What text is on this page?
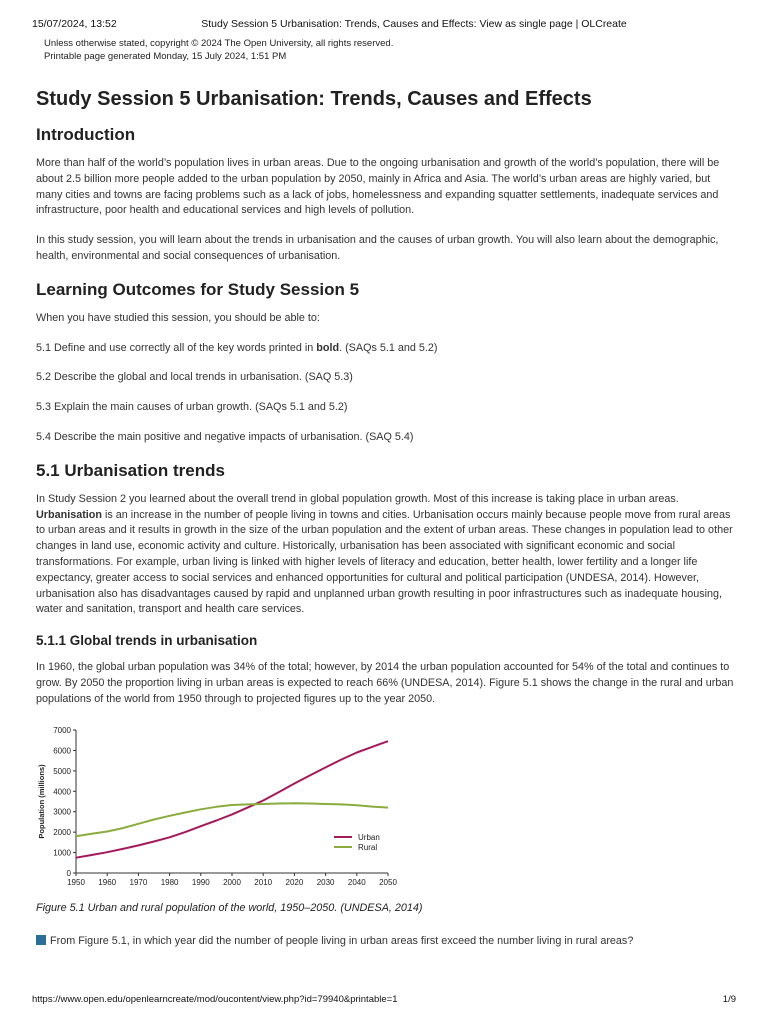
15/07/2024, 13:52	Study Session 5 Urbanisation: Trends, Causes and Effects: View as single page | OLCreate
Unless otherwise stated, copyright © 2024 The Open University, all rights reserved.
Printable page generated Monday, 15 July 2024, 1:51 PM
Study Session 5 Urbanisation: Trends, Causes and Effects
Introduction

More than half of the world’s population lives in urban areas. Due to the ongoing urbanisation and growth of the world’s population, there will be about 2.5 billion more people added to the urban population by 2050, mainly in Africa and Asia. The world’s urban areas are highly varied, but many cities and towns are facing problems such as a lack of jobs, homelessness and expanding squatter settlements, inadequate services and infrastructure, poor health and educational services and high levels of pollution.

In this study session, you will learn about the trends in urbanisation and the causes of urban growth. You will also learn about the demographic, health, environmental and social consequences of urbanisation.

Learning Outcomes for Study Session 5

When you have studied this session, you should be able to:

5.1 Define and use correctly all of the key words printed in bold. (SAQs 5.1 and 5.2)

5.2 Describe the global and local trends in urbanisation. (SAQ 5.3)

5.3 Explain the main causes of urban growth. (SAQs 5.1 and 5.2)

5.4 Describe the main positive and negative impacts of urbanisation. (SAQ 5.4)

5.1 Urbanisation trends

In Study Session 2 you learned about the overall trend in global population growth. Most of this increase is taking place in urban areas. Urbanisation is an increase in the number of people living in towns and cities. Urbanisation occurs mainly because people move from rural areas to urban areas and it results in growth in the size of the urban population and the extent of urban areas. These changes in population lead to other changes in land use, economic activity and culture. Historically, urbanisation has been associated with significant economic and social transformations. For example, urban living is linked with higher levels of literacy and education, better health, lower fertility and a longer life expectancy, greater access to social services and enhanced opportunities for cultural and political participation (UNDESA, 2014). However, urbanisation also has disadvantages caused by rapid and unplanned urban growth resulting in poor infrastructures such as inadequate housing, water and sanitation, transport and health care services.

5.1.1 Global trends in urbanisation

In 1960, the global urban population was 34% of the total; however, by 2014 the urban population accounted for 54% of the total and continues to grow. By 2050 the proportion living in urban areas is expected to reach 66% (UNDESA, 2014). Figure 5.1 shows the change in the rural and urban populations of the world from 1950 through to projected figures up to the year 2050.

0
1000
2000
3000
4000
5000
6000
7000
1950 1960 1970 1980 1990 2000 2010 2020 2030 2040 2050
Population (millions)	Urban
Rural
Figure 5.1 Urban and rural population of the world, 1950–2050. (UNDESA, 2014)
From Figure 5.1, in which year did the number of people living in urban areas first exceed the number living in rural areas?
https://www.open.edu/openlearncreate/mod/oucontent/view.php?id=79940&printable=1	1/9
